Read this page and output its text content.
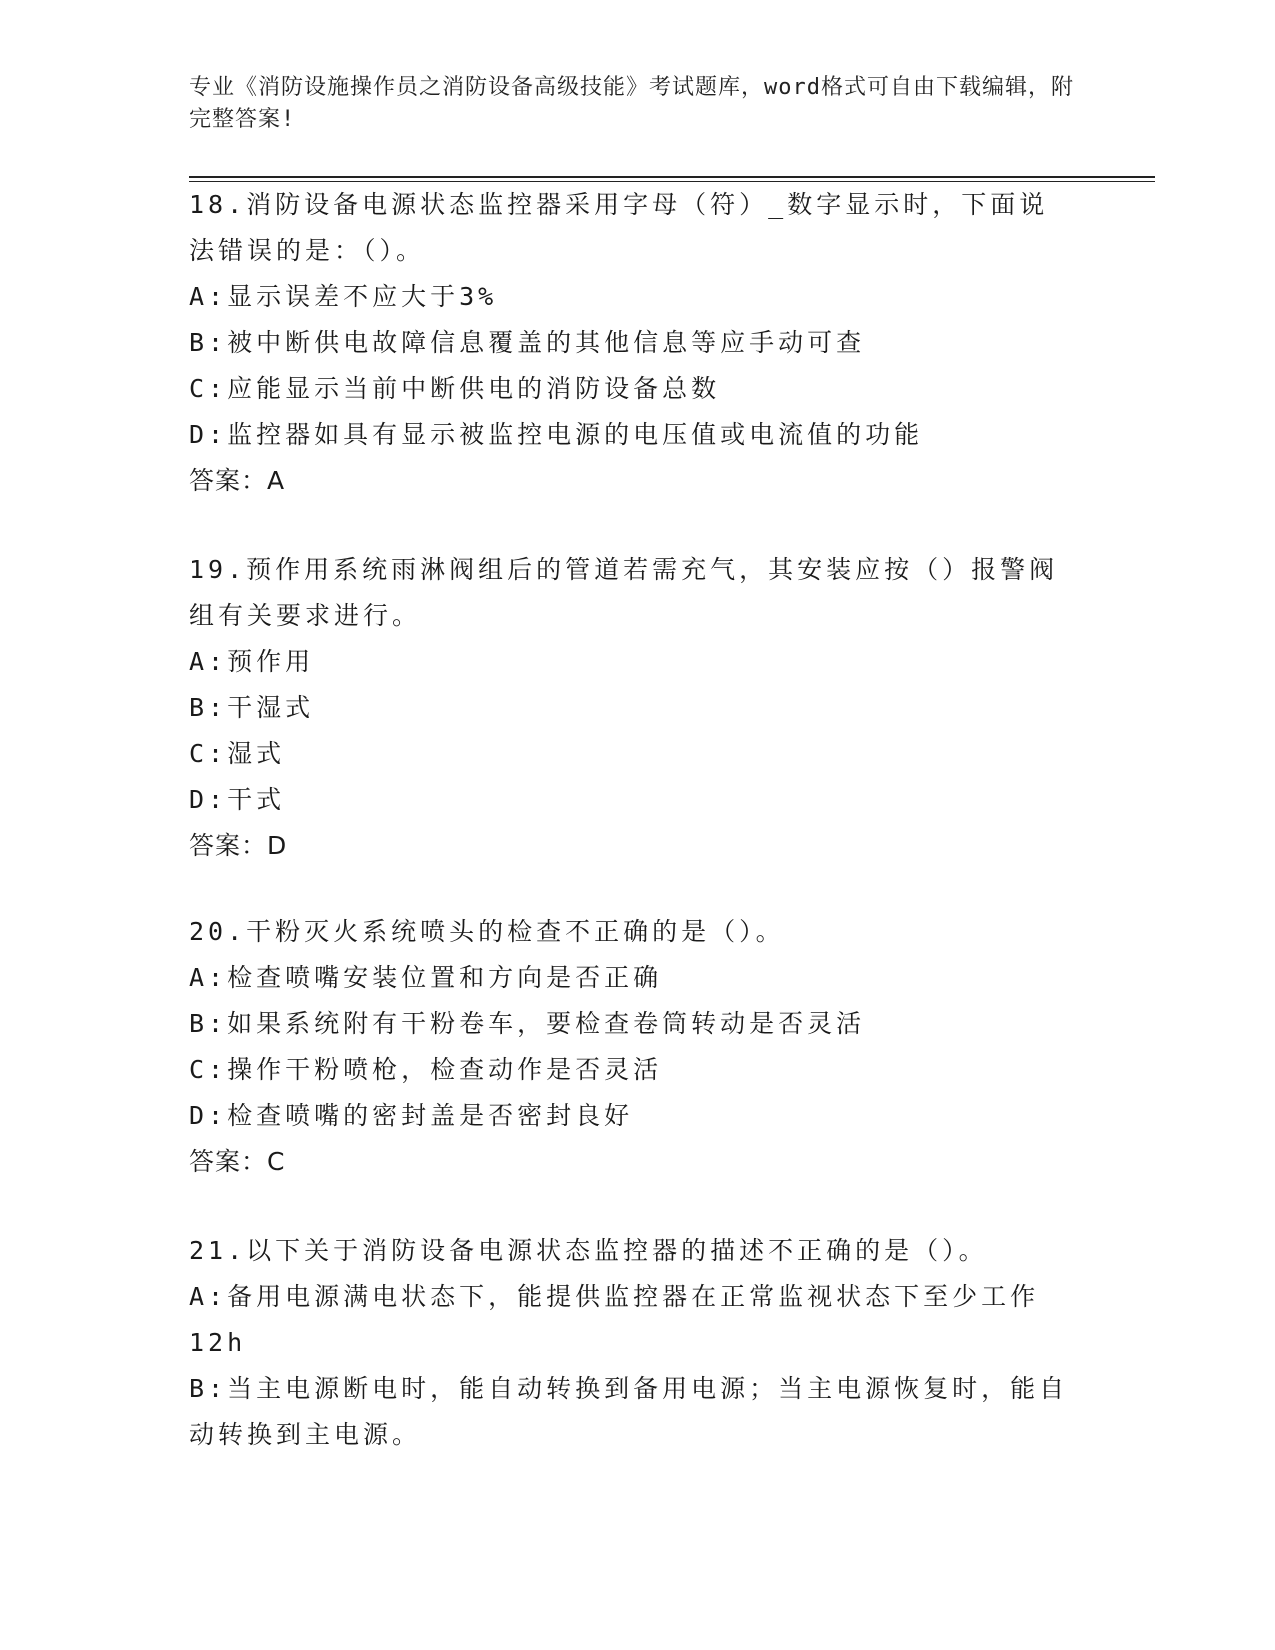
专业《消防设施操作员之消防设备高级技能》考试题库，word格式可自由下载编辑，附完整答案!
18.消防设备电源状态监控器采用字母（符）_数字显示时，下面说法错误的是：（）。
A:显示误差不应大于3%
B:被中断供电故障信息覆盖的其他信息等应手动可查
C:应能显示当前中断供电的消防设备总数
D:监控器如具有显示被监控电源的电压值或电流值的功能
答案：A
19.预作用系统雨淋阀组后的管道若需充气，其安装应按（）报警阀组有关要求进行。
A:预作用
B:干湿式
C:湿式
D:干式
答案：D
20.干粉灭火系统喷头的检查不正确的是（）。
A:检查喷嘴安装位置和方向是否正确
B:如果系统附有干粉卷车，要检查卷筒转动是否灵活
C:操作干粉喷枪，检查动作是否灵活
D:检查喷嘴的密封盖是否密封良好
答案：C
21.以下关于消防设备电源状态监控器的描述不正确的是（）。
A:备用电源满电状态下，能提供监控器在正常监视状态下至少工作12h
B:当主电源断电时，能自动转换到备用电源；当主电源恢复时，能自动转换到主电源。
